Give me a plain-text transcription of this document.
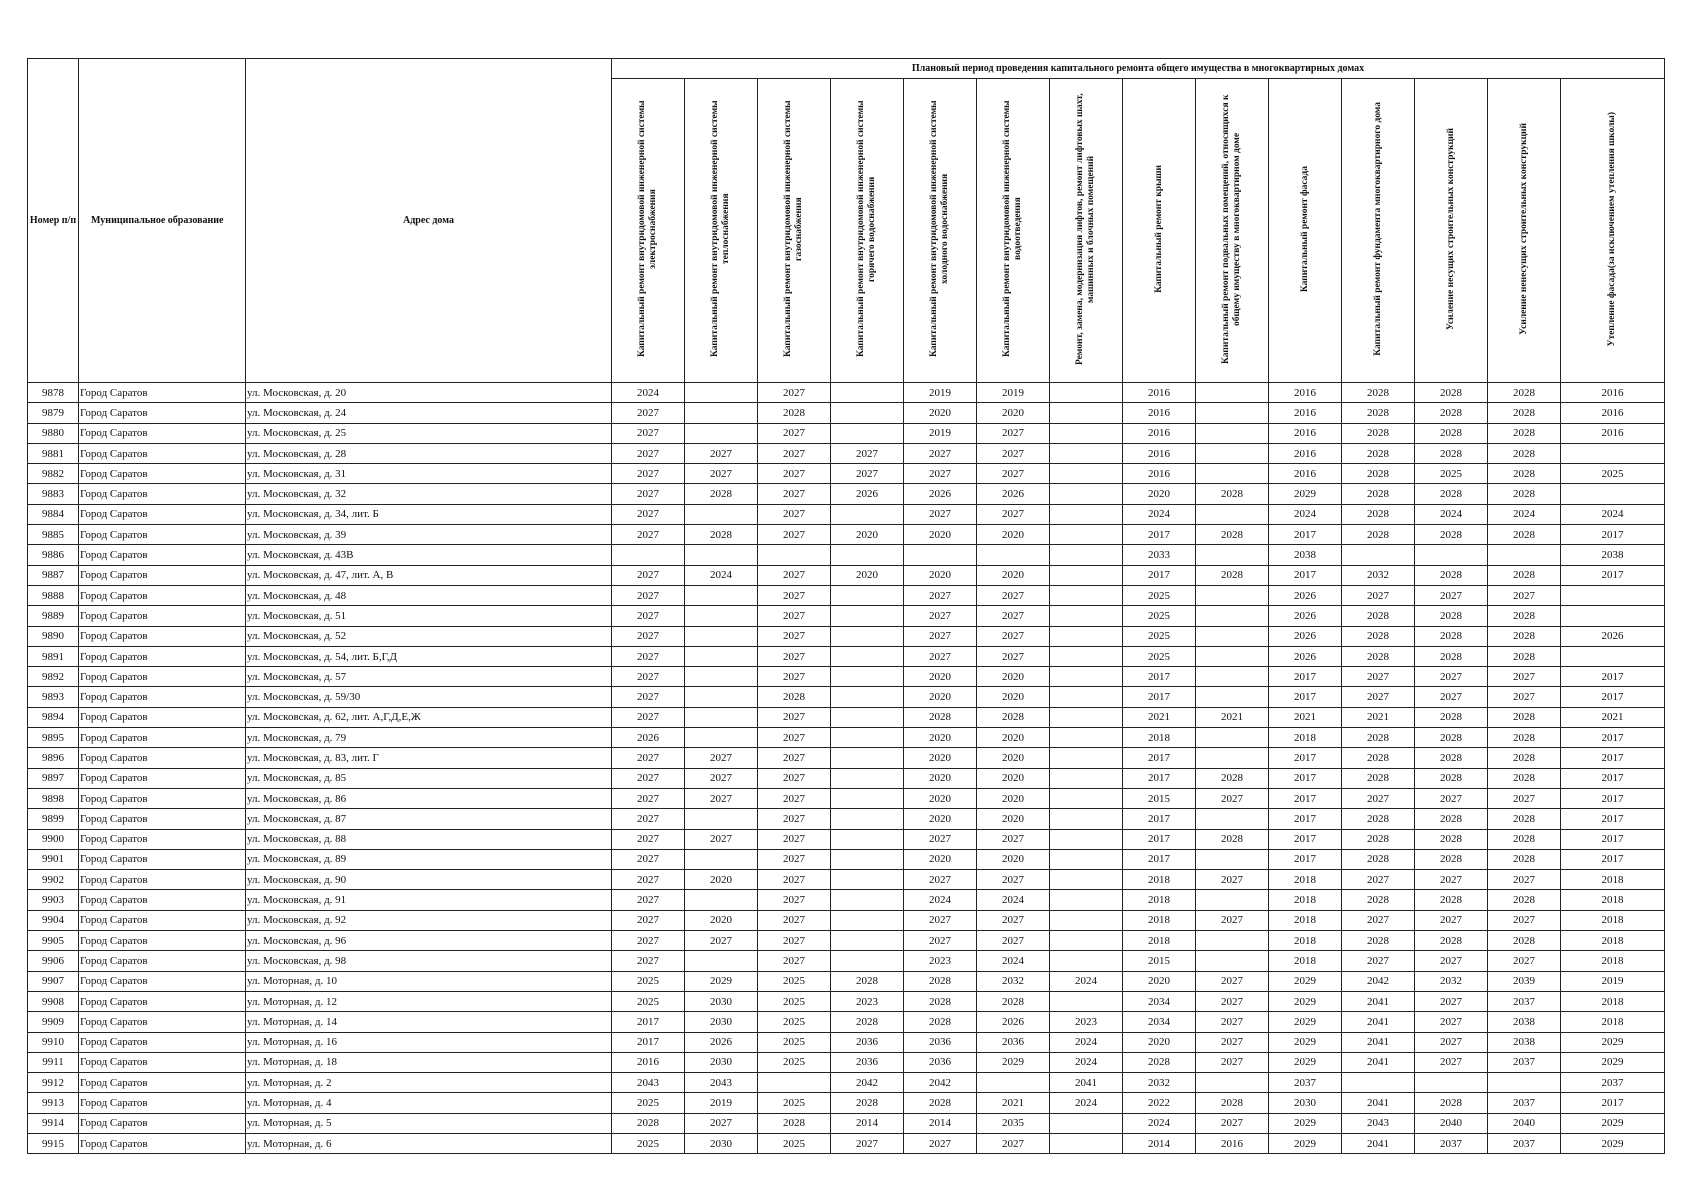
Номер п/п	Муниципальное образование	Адрес дома	Плановый период проведения капитального ремонта общего имущества в многоквартирных домах													
			Капитальный ремонт внутридомовой инженерной системы электроснабжения	Капитальный ремонт внутридомовой инженерной системы теплоснабжения	Капитальный ремонт внутридомовой инженерной системы газоснабжения	Капитальный ремонт внутридомовой инженерной системы горячего водоснабжения	Капитальный ремонт внутридомовой инженерной системы холодного водоснабжения	Капитальный ремонт внутридомовой инженерной системы водоотведения	Ремонт, замена, модернизация лифтов, ремонт лифтовых шахт, машинных и блочных помещений	Капитальный ремонт крыши	Капитальный ремонт подвальных помещений, относящихся к общему имуществу в многоквартирном доме	Капитальный ремонт фасада	Капитальный ремонт фундамента многоквартирного дома	Усиление несущих строительных конструкций	Усиление ненесущих строительных конструкций	Утепление фасада(за исключением утепления школы)
9878	Город Саратов	ул. Московская, д. 20	2024		2027		2019	2019		2016		2016	2028	2028	2028	2016
9879	Город Саратов	ул. Московская, д. 24	2027		2028		2020	2020		2016		2016	2028	2028	2028	2016
9880	Город Саратов	ул. Московская, д. 25	2027		2027		2019	2027		2016		2016	2028	2028	2028	2016
9881	Город Саратов	ул. Московская, д. 28	2027	2027	2027	2027	2027	2027		2016		2016	2028	2028	2028	
9882	Город Саратов	ул. Московская, д. 31	2027	2027	2027	2027	2027	2027		2016		2016	2028	2025	2028	2025
9883	Город Саратов	ул. Московская, д. 32	2027	2028	2027	2026	2026	2026		2020	2028	2029	2028	2028	2028	
9884	Город Саратов	ул. Московская, д. 34, лит. Б	2027		2027		2027	2027		2024		2024	2028	2024	2024	2024
9885	Город Саратов	ул. Московская, д. 39	2027	2028	2027	2020	2020	2020		2017	2028	2017	2028	2028	2028	2017
9886	Город Саратов	ул. Московская, д. 43В								2033		2038				2038
9887	Город Саратов	ул. Московская, д. 47, лит. А, В	2027	2024	2027	2020	2020	2020		2017	2028	2017	2032	2028	2028	2017
9888	Город Саратов	ул. Московская, д. 48	2027		2027		2027	2027		2025		2026	2027	2027	2027	
9889	Город Саратов	ул. Московская, д. 51	2027		2027		2027	2027		2025		2026	2028	2028	2028	
9890	Город Саратов	ул. Московская, д. 52	2027		2027		2027	2027		2025		2026	2028	2028	2028	2026
9891	Город Саратов	ул. Московская, д. 54, лит. Б,Г,Д	2027		2027		2027	2027		2025		2026	2028	2028	2028	
9892	Город Саратов	ул. Московская, д. 57	2027		2027		2020	2020		2017		2017	2027	2027	2027	2017
9893	Город Саратов	ул. Московская, д. 59/30	2027		2028		2020	2020		2017		2017	2027	2027	2027	2017
9894	Город Саратов	ул. Московская, д. 62, лит. А,Г,Д,Е,Ж	2027		2027		2028	2028		2021	2021	2021	2021	2028	2028	2021
9895	Город Саратов	ул. Московская, д. 79	2026		2027		2020	2020		2018		2018	2028	2028	2028	2017
9896	Город Саратов	ул. Московская, д. 83, лит. Г	2027	2027	2027		2020	2020		2017		2017	2028	2028	2028	2017
9897	Город Саратов	ул. Московская, д. 85	2027	2027	2027		2020	2020		2017	2028	2017	2028	2028	2028	2017
9898	Город Саратов	ул. Московская, д. 86	2027	2027	2027		2020	2020		2015	2027	2017	2027	2027	2027	2017
9899	Город Саратов	ул. Московская, д. 87	2027		2027		2020	2020		2017		2017	2028	2028	2028	2017
9900	Город Саратов	ул. Московская, д. 88	2027	2027	2027		2027	2027		2017	2028	2017	2028	2028	2028	2017
9901	Город Саратов	ул. Московская, д. 89	2027		2027		2020	2020		2017		2017	2028	2028	2028	2017
9902	Город Саратов	ул. Московская, д. 90	2027	2020	2027		2027	2027		2018	2027	2018	2027	2027	2027	2018
9903	Город Саратов	ул. Московская, д. 91	2027		2027		2024	2024		2018		2018	2028	2028	2028	2018
9904	Город Саратов	ул. Московская, д. 92	2027	2020	2027		2027	2027		2018	2027	2018	2027	2027	2027	2018
9905	Город Саратов	ул. Московская, д. 96	2027	2027	2027		2027	2027		2018		2018	2028	2028	2028	2018
9906	Город Саратов	ул. Московская, д. 98	2027		2027		2023	2024		2015		2018	2027	2027	2027	2018
9907	Город Саратов	ул. Моторная, д. 10	2025	2029	2025	2028	2028	2032	2024	2020	2027	2029	2042	2032	2039	2019
9908	Город Саратов	ул. Моторная, д. 12	2025	2030	2025	2023	2028	2028		2034	2027	2029	2041	2027	2037	2018
9909	Город Саратов	ул. Моторная, д. 14	2017	2030	2025	2028	2028	2026	2023	2034	2027	2029	2041	2027	2038	2018
9910	Город Саратов	ул. Моторная, д. 16	2017	2026	2025	2036	2036	2036	2024	2020	2027	2029	2041	2027	2038	2029
9911	Город Саратов	ул. Моторная, д. 18	2016	2030	2025	2036	2036	2029	2024	2028	2027	2029	2041	2027	2037	2029
9912	Город Саратов	ул. Моторная, д. 2	2043	2043		2042	2042		2041	2032		2037				2037
9913	Город Саратов	ул. Моторная, д. 4	2025	2019	2025	2028	2028	2021	2024	2022	2028	2030	2041	2028	2037	2017
9914	Город Саратов	ул. Моторная, д. 5	2028	2027	2028	2014	2014	2035		2024	2027	2029	2043	2040	2040	2029
9915	Город Саратов	ул. Моторная, д. 6	2025	2030	2025	2027	2027	2027		2014	2016	2029	2041	2037	2037	2029
